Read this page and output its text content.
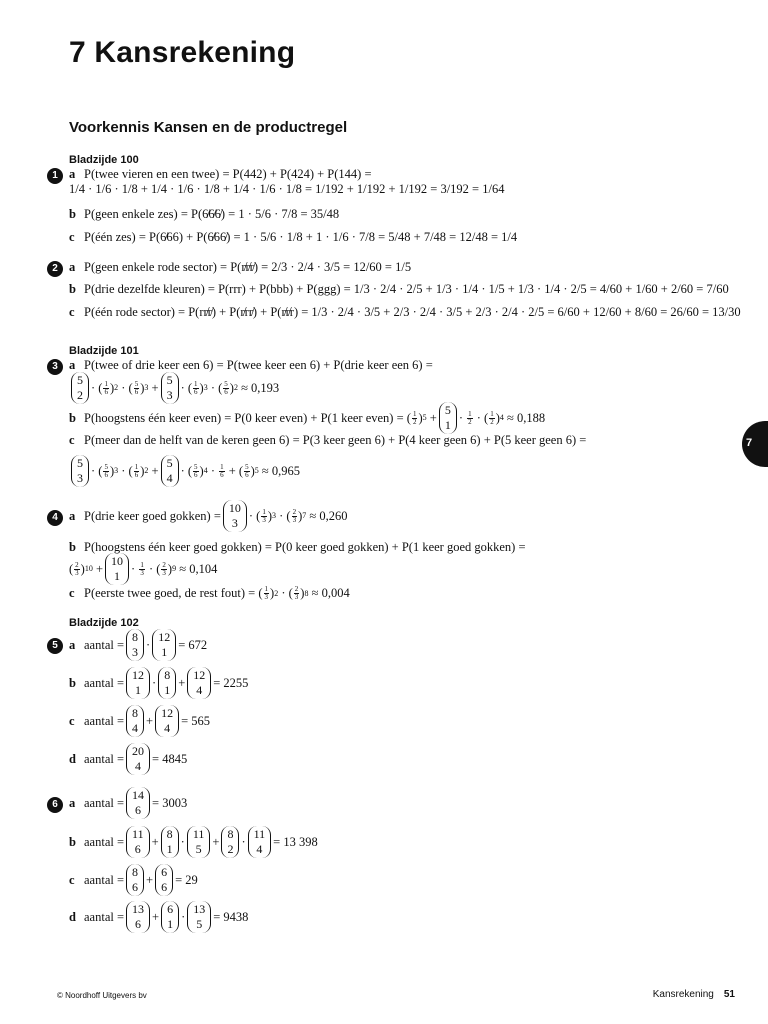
7 Kansrekening
Voorkennis Kansen en de productregel
7
Bladzijde 100
1 a P(twee vieren en een twee) = P(442) + P(424) + P(144) =
1/4 · 1/6 · 1/8 + 1/4 · 1/6 · 1/8 + 1/4 · 1/6 · 1/8 = 1/192 + 1/192 + 1/192 = 3/192 = 1/64
b P(geen enkele zes) = P(6̸6̸6̸) = 1 · 5/6 · 7/8 = 35/48
c P(één zes) = P(6̸66) + P(6̸66̸) = 1 · 5/6 · 1/8 + 1 · 1/6 · 7/8 = 5/48 + 7/48 = 12/48 = 1/4
2 a P(geen enkele rode sector) = P(r̸r̸r̸) = 2/3 · 2/4 · 3/5 = 12/60 = 1/5
b P(drie dezelfde kleuren) = P(rrr) + P(bbb) + P(ggg) = 1/3 · 2/4 · 2/5 + 1/3 · 1/4 · 1/5 + 1/3 · 1/4 · 2/5 = 4/60 + 1/60 + 2/60 = 7/60
c P(één rode sector) = P(rr̸r̸) + P(r̸rr̸) + P(r̸r̸r) = 1/3 · 2/4 · 3/5 + 2/3 · 2/4 · 3/5 + 2/3 · 2/4 · 2/5 = 6/60 + 12/60 + 8/60 = 26/60 = 13/30
Bladzijde 101
3 a P(twee of drie keer een 6) = P(twee keer een 6) + P(drie keer een 6) =
5
2
· ( $\frac{1}{6}$ ) 2 · ( $\frac{5}{6}$ ) 3 +
5
3
· ( $\frac{1}{6}$ ) 3 · ( $\frac{5}{6}$ ) 2
≈ 0,193
b P(hoogstens één keer even) = P(0 keer even) + P(1 keer even) = ( $\frac{1}{2}$ ) 5 +
5
1
· $\frac{1}{2}$ · ( $\frac{1}{2}$ ) 4
≈ 0,188
c P(meer dan de helft van de keren geen 6) = P(3 keer geen 6) + P(4 keer geen 6) + P(5 keer geen 6) =
5
3
· ( $\frac{5}{6}$ ) 3 · ( $\frac{1}{6}$ ) 2 +
5
4
· ( $\frac{5}{6}$ ) $4 \cdot \frac{1}{6}$ + ( $\frac{5}{6}$ ) 5
≈ 0,965
4 a P(drie keer goed gokken) =
10
3
· ( $\frac{1}{3}$ ) 3 · ( $\frac{2}{3}$ ) 7
≈ 0,260
b P(hoogstens één keer goed gokken) = P(0 keer goed gokken) + P(1 keer goed gokken) =
( $\frac{2}{3}$ ) 10 +
10
1
· $\frac{1}{3}$ · ( $\frac{2}{3}$ ) 9
≈ 0,104
c P(eerste twee goed, de rest fout) = ( $\frac{1}{3}$ ) 2 · ( $\frac{2}{3}$ ) 8
≈ 0,004
Bladzijde 102
5 a aantal =
8
3
·
12
1
= 672
b aantal =
12
1
·
8
1
+
12
4
= 2255
c aantal =
8
4
+
12
4
= 565
d aantal =
20
4
= 4845
6 a aantal =
14
6
= 3003
b aantal =
11
6
+
8
1
·
11
5
+
8
2
·
11
4
= 13 398
c aantal =
8
6
+
6
6
= 29
d aantal =
13
6
+
6
1
·
13
5
= 9438
© Noordhoff Uitgevers bv	Kansrekening 51
